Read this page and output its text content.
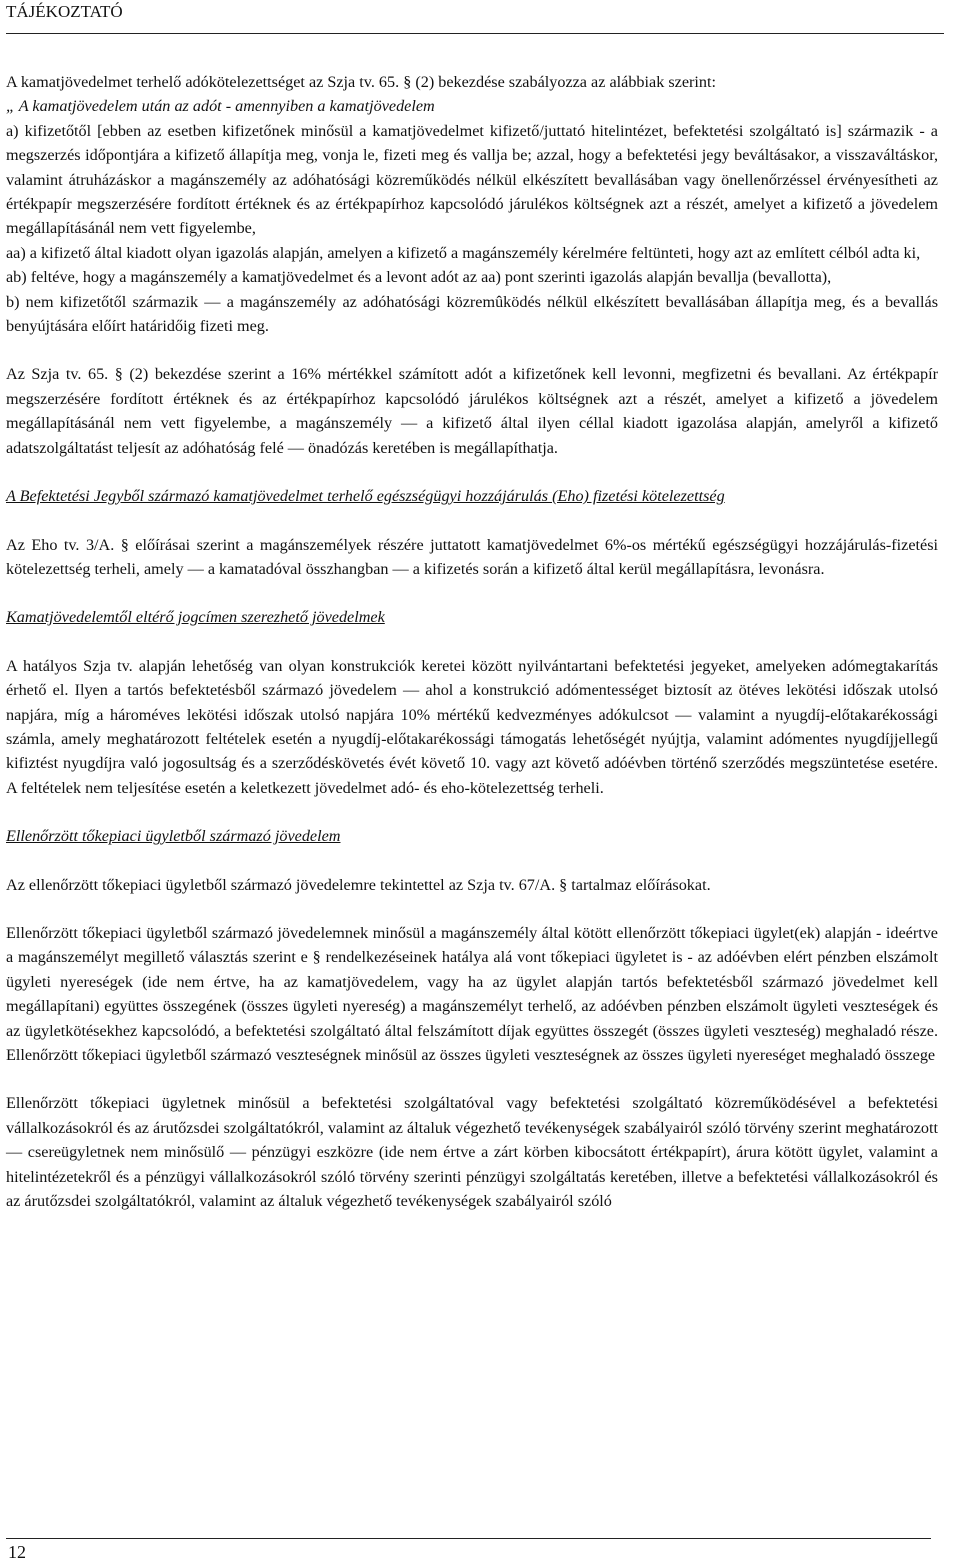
TÁJÉKOZTATÓ

A kamatjövedelmet terhelő adókötelezettséget az Szja tv. 65. § (2) bekezdése szabályozza az alábbiak szerint:

„ A kamatjövedelem után az adót - amennyiben a kamatjövedelem

a) kifizetőtől [ebben az esetben kifizetőnek minősül a kamatjövedelmet kifizető/juttató hitelintézet, befektetési szolgáltató is] származik - a megszerzés időpontjára a kifizető állapítja meg, vonja le, fizeti meg és vallja be; azzal, hogy a befektetési jegy beváltásakor, a visszaváltáskor, valamint átruházáskor a magánszemély az adóhatósági közreműködés nélkül elkészített bevallásában vagy önellenőrzéssel érvényesítheti az értékpapír megszerzésére fordított értéknek és az értékpapírhoz kapcsolódó járulékos költségnek azt a részét, amelyet a kifizető a jövedelem megállapításánál nem vett figyelembe,

aa) a kifizető által kiadott olyan igazolás alapján, amelyen a kifizető a magánszemély kérelmére feltünteti, hogy azt az említett célból adta ki,

ab) feltéve, hogy a magánszemély a kamatjövedelmet és a levont adót az aa) pont szerinti igazolás alapján bevallja (bevallotta),

b) nem kifizetőtől származik — a magánszemély az adóhatósági közremûködés nélkül elkészített bevallásában állapítja meg, és a bevallás benyújtására előírt határidőig fizeti meg.

Az Szja tv. 65. § (2) bekezdése szerint a 16% mértékkel számított adót a kifizetőnek kell levonni, megfizetni és bevallani. Az értékpapír megszerzésére fordított értéknek és az értékpapírhoz kapcsolódó járulékos költségnek azt a részét, amelyet a kifizető a jövedelem megállapításánál nem vett figyelembe, a magánszemély — a kifizető által ilyen céllal kiadott igazolása alapján, amelyről a kifizető adatszolgáltatást teljesít az adóhatóság felé — önadózás keretében is megállapíthatja.

A Befektetési Jegyből származó kamatjövedelmet terhelő egészségügyi hozzájárulás (Eho) fizetési kötelezettség

Az Eho tv. 3/A. § előírásai szerint a magánszemélyek részére juttatott kamatjövedelmet 6%-os mértékű egészségügyi hozzájárulás-fizetési kötelezettség terheli, amely — a kamatadóval összhangban — a kifizetés során a kifizető által kerül megállapításra, levonásra.

Kamatjövedelemtől eltérő jogcímen szerezhető jövedelmek

A hatályos Szja tv. alapján lehetőség van olyan konstrukciók keretei között nyilvántartani befektetési jegyeket, amelyeken adómegtakarítás érhető el. Ilyen a tartós befektetésből származó jövedelem — ahol a konstrukció adómentességet biztosít az ötéves lekötési időszak utolsó napjára, míg a hároméves lekötési időszak utolsó napjára 10% mértékű kedvezményes adókulcsot — valamint a nyugdíj-előtakarékossági számla, amely meghatározott feltételek esetén a nyugdíj-előtakarékossági támogatás lehetőségét nyújtja, valamint adómentes nyugdíjjellegű kifiztést nyugdíjra való jogosultság és a szerződéskövetés évét követő 10. vagy azt követő adóévben történő szerződés megszüntetése esetére. A feltételek nem teljesítése esetén a keletkezett jövedelmet adó- és eho-kötelezettség terheli.

Ellenőrzött tőkepiaci ügyletből származó jövedelem

Az ellenőrzött tőkepiaci ügyletből származó jövedelemre tekintettel az Szja tv. 67/A. § tartalmaz előírásokat.

Ellenőrzött tőkepiaci ügyletből származó jövedelemnek minősül a magánszemély által kötött ellenőrzött tőkepiaci ügylet(ek) alapján - ideértve a magánszemélyt megillető választás szerint e § rendelkezéseinek hatálya alá vont tőkepiaci ügyletet is - az adóévben elért pénzben elszámolt ügyleti nyereségek (ide nem értve, ha az kamatjövedelem, vagy ha az ügylet alapján tartós befektetésből származó jövedelmet kell megállapítani) együttes összegének (összes ügyleti nyereség) a magánszemélyt terhelő, az adóévben pénzben elszámolt ügyleti veszteségek és az ügyletkötésekhez kapcsolódó, a befektetési szolgáltató által felszámított díjak együttes összegét (összes ügyleti veszteség) meghaladó része. Ellenőrzött tőkepiaci ügyletből származó veszteségnek minősül az összes ügyleti veszteségnek az összes ügyleti nyereséget meghaladó összege

Ellenőrzött tőkepiaci ügyletnek minősül a befektetési szolgáltatóval vagy befektetési szolgáltató közreműködésével a befektetési vállalkozásokról és az árutőzsdei szolgáltatókról, valamint az általuk végezhető tevékenységek szabályairól szóló törvény szerint meghatározott — csereügyletnek nem minősülő — pénzügyi eszközre (ide nem értve a zárt körben kibocsátott értékpapírt), árura kötött ügylet, valamint a hitelintézetekről és a pénzügyi vállalkozásokról szóló törvény szerinti pénzügyi szolgáltatás keretében, illetve a befektetési vállalkozásokról és az árutőzsdei szolgáltatókról, valamint az általuk végezhető tevékenységek szabályairól szóló

12
